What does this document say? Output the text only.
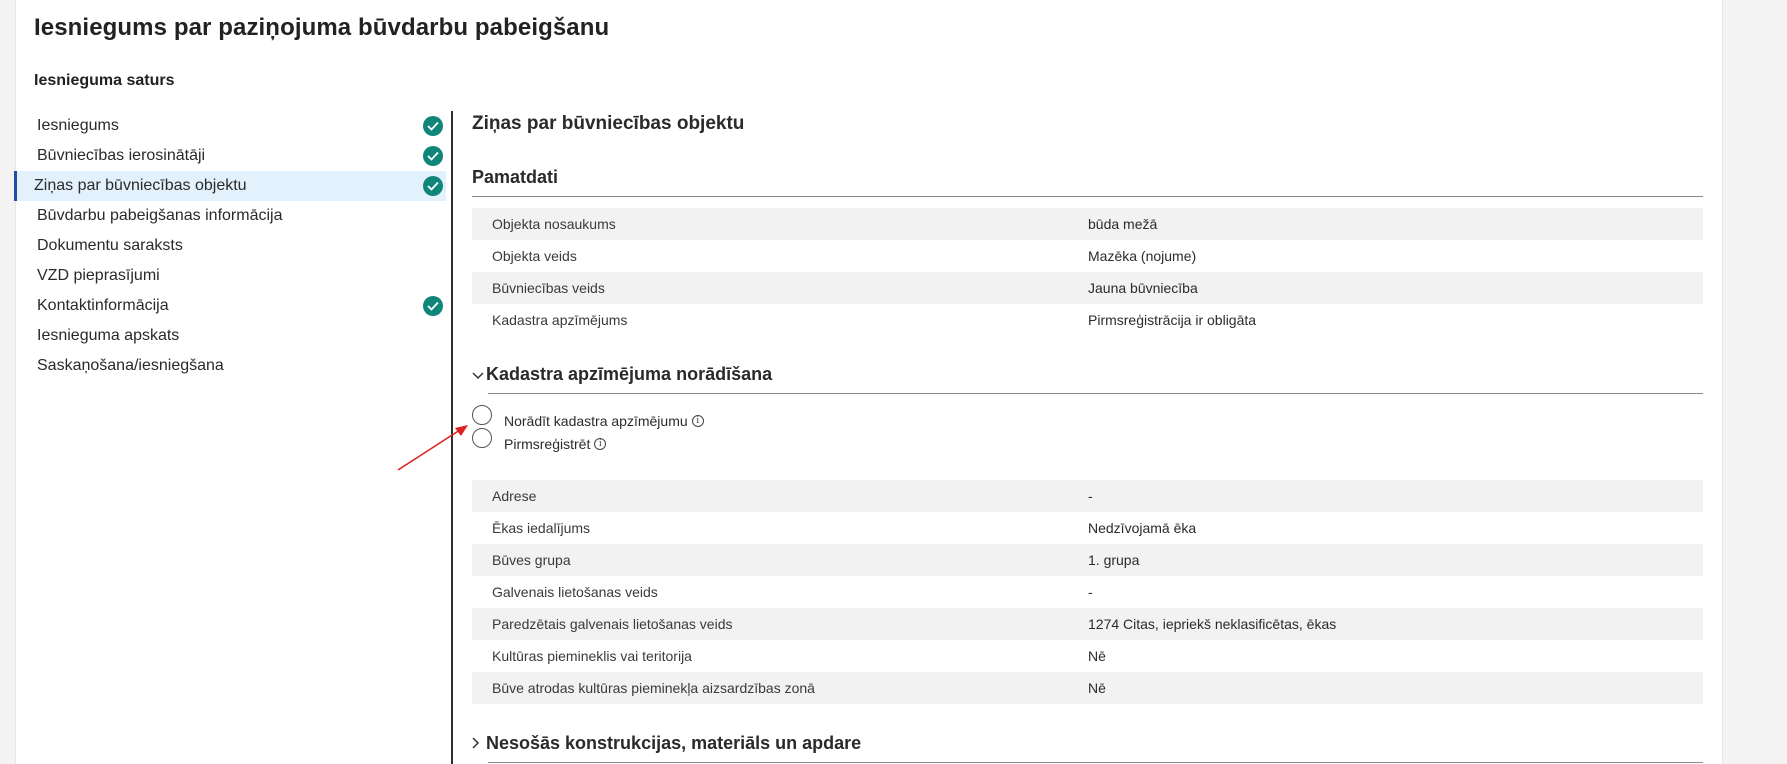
Iesniegums par paziņojuma būvdarbu pabeigšanu
Iesnieguma saturs
Iesniegums
Būvniecības ierosinātāji
Ziņas par būvniecības objektu
Būvdarbu pabeigšanas informācija
Dokumentu saraksts
VZD pieprasījumi
Kontaktinformācija
Iesnieguma apskats
Saskaņošana/iesniegšana
Ziņas par būvniecības objektu
Pamatdati
Objekta nosaukums	būda mežā
Objekta veids	Mazēka (nojume)
Būvniecības veids	Jauna būvniecība
Kadastra apzīmējums	Pirmsreģistrācija ir obligāta
Kadastra apzīmējuma norādīšana
Norādīt kadastra apzīmējumu i
Pirmsreģistrēt i
Adrese	-
Ēkas iedalījums	Nedzīvojamā ēka
Būves grupa	1. grupa
Galvenais lietošanas veids	-
Paredzētais galvenais lietošanas veids	1274 Citas, iepriekš neklasificētas, ēkas
Kultūras piemineklis vai teritorija	Nē
Būve atrodas kultūras pieminekļa aizsardzības zonā	Nē
Nesošās konstrukcijas, materiāls un apdare
